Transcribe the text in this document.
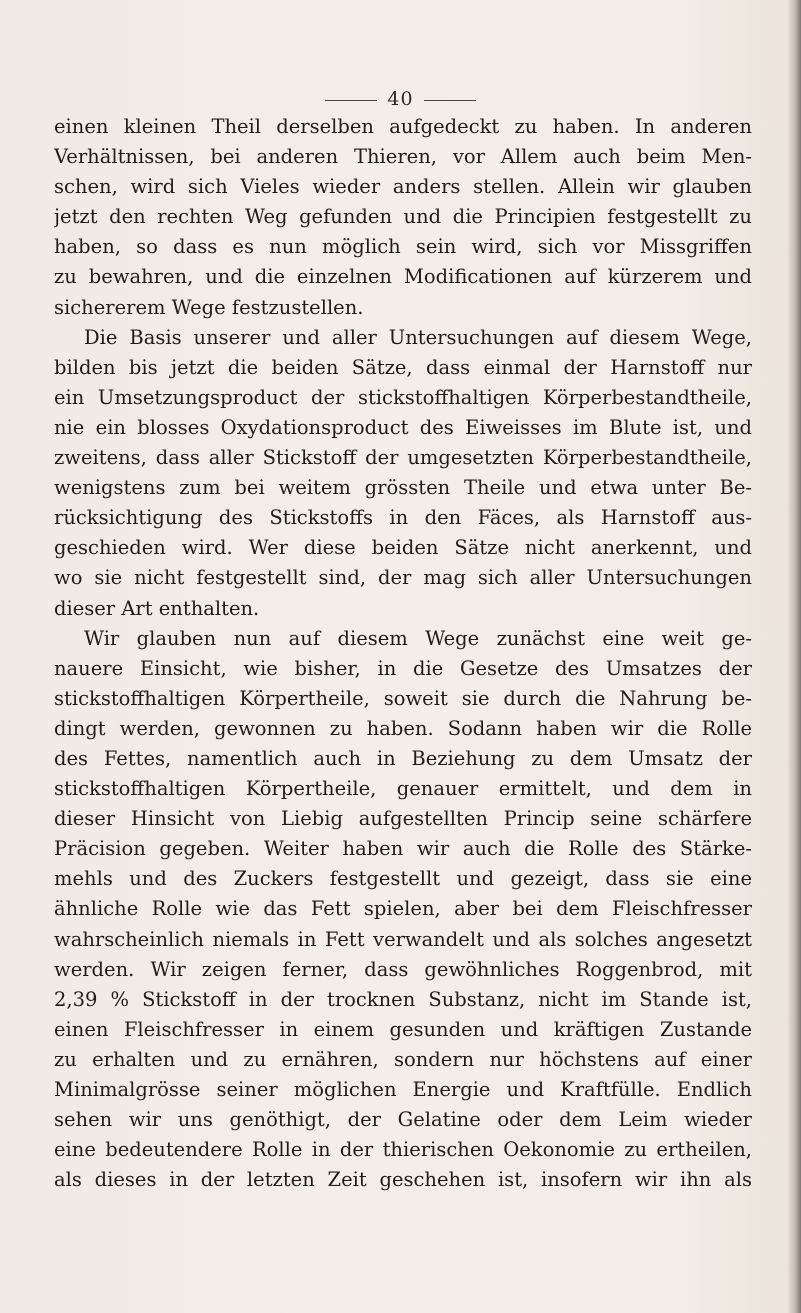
40
einen kleinen Theil derselben aufgedeckt zu haben. In anderen
Verhältnissen, bei anderen Thieren, vor Allem auch beim Men-
schen, wird sich Vieles wieder anders stellen. Allein wir glauben
jetzt den rechten Weg gefunden und die Principien festgestellt zu
haben, so dass es nun möglich sein wird, sich vor Missgriffen
zu bewahren, und die einzelnen Modificationen auf kürzerem und
sichererem Wege festzustellen.
Die Basis unserer und aller Untersuchungen auf diesem Wege,
bilden bis jetzt die beiden Sätze, dass einmal der Harnstoff nur
ein Umsetzungsproduct der stickstoffhaltigen Körperbestandtheile,
nie ein blosses Oxydationsproduct des Eiweisses im Blute ist, und
zweitens, dass aller Stickstoff der umgesetzten Körperbestandtheile,
wenigstens zum bei weitem grössten Theile und etwa unter Be-
rücksichtigung des Stickstoffs in den Fäces, als Harnstoff aus-
geschieden wird. Wer diese beiden Sätze nicht anerkennt, und
wo sie nicht festgestellt sind, der mag sich aller Untersuchungen
dieser Art enthalten.
Wir glauben nun auf diesem Wege zunächst eine weit ge-
nauere Einsicht, wie bisher, in die Gesetze des Umsatzes der
stickstoffhaltigen Körpertheile, soweit sie durch die Nahrung be-
dingt werden, gewonnen zu haben. Sodann haben wir die Rolle
des Fettes, namentlich auch in Beziehung zu dem Umsatz der
stickstoffhaltigen Körpertheile, genauer ermittelt, und dem in
dieser Hinsicht von Liebig aufgestellten Princip seine schärfere
Präcision gegeben. Weiter haben wir auch die Rolle des Stärke-
mehls und des Zuckers festgestellt und gezeigt, dass sie eine
ähnliche Rolle wie das Fett spielen, aber bei dem Fleischfresser
wahrscheinlich niemals in Fett verwandelt und als solches angesetzt
werden. Wir zeigen ferner, dass gewöhnliches Roggenbrod, mit
2,39 % Stickstoff in der trocknen Substanz, nicht im Stande ist,
einen Fleischfresser in einem gesunden und kräftigen Zustande
zu erhalten und zu ernähren, sondern nur höchstens auf einer
Minimalgrösse seiner möglichen Energie und Kraftfülle. Endlich
sehen wir uns genöthigt, der Gelatine oder dem Leim wieder
eine bedeutendere Rolle in der thierischen Oekonomie zu ertheilen,
als dieses in der letzten Zeit geschehen ist, insofern wir ihn als
